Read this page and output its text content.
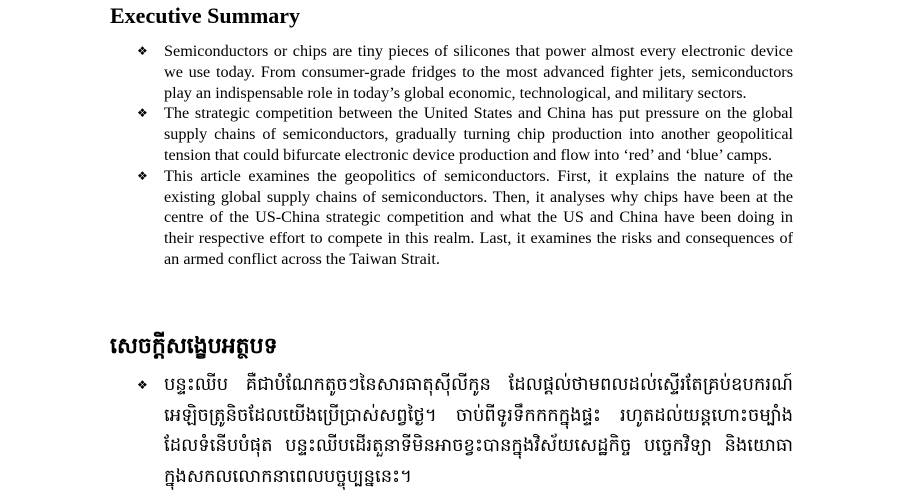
Executive Summary
❖ Semiconductors or chips are tiny pieces of silicones that power almost every electronic device we use today. From consumer-grade fridges to the most advanced fighter jets, semiconductors play an indispensable role in today’s global economic, technological, and military sectors.
❖ The strategic competition between the United States and China has put pressure on the global supply chains of semiconductors, gradually turning chip production into another geopolitical tension that could bifurcate electronic device production and flow into ‘red’ and ‘blue’ camps.
❖ This article examines the geopolitics of semiconductors. First, it explains the nature of the existing global supply chains of semiconductors. Then, it analyses why chips have been at the centre of the US-China strategic competition and what the US and China have been doing in their respective effort to compete in this realm. Last, it examines the risks and consequences of an armed conflict across the Taiwan Strait.
សេចក្តីសង្ខេបអត្ថបទ
❖ បន្ទះឈីប គឺជាបំណែកតូចៗនៃសារធាតុស៊ីលីកូន ដែលផ្តល់ថាមពលដល់ស្ទើរតែគ្រប់ឧបករណ៍អេឡិចត្រូនិចដែលយើងប្រើប្រាស់សព្វថ្ងៃ។ ចាប់ពីទូរទឹកកកក្នុងផ្ទះ រហូតដល់យន្តហោះចម្បាំងដែលទំនើបបំផុត បន្ទះឈីបដើរតួនាទីមិនអាចខ្វះបានក្នុងវិស័យសេដ្ឋកិច្ច បច្ចេកវិទ្យា និងយោធាក្នុងសកលលោកនាពេលបច្ចុប្បន្ននេះ។
